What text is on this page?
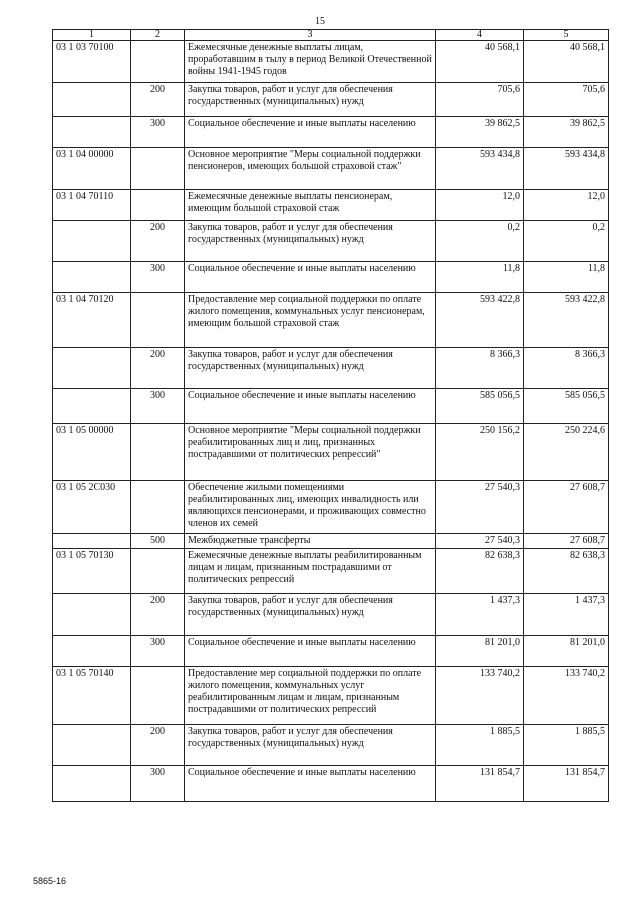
15
1	2	3	4	5
03 1 03 70100		Ежемесячные денежные выплаты лицам, проработавшим в тылу в период Великой Отечественной войны 1941-1945 годов	40 568,1	40 568,1
	200	Закупка товаров, работ и услуг для обеспечения государственных (муниципальных) нужд	705,6	705,6
	300	Социальное обеспечение и иные выплаты населению	39 862,5	39 862,5
03 1 04 00000		Основное мероприятие "Меры социальной поддержки пенсионеров, имеющих большой страховой стаж"	593 434,8	593 434,8
03 1 04 70110		Ежемесячные денежные выплаты пенсионерам, имеющим большой страховой стаж	12,0	12,0
	200	Закупка товаров, работ и услуг для обеспечения государственных (муниципальных) нужд	0,2	0,2
	300	Социальное обеспечение и иные выплаты населению	11,8	11,8
03 1 04 70120		Предоставление мер социальной поддержки по оплате жилого помещения, коммунальных услуг пенсионерам, имеющим большой страховой стаж	593 422,8	593 422,8
	200	Закупка товаров, работ и услуг для обеспечения государственных (муниципальных) нужд	8 366,3	8 366,3
	300	Социальное обеспечение и иные выплаты населению	585 056,5	585 056,5
03 1 05 00000		Основное мероприятие "Меры социальной поддержки реабилитированных лиц и лиц, признанных пострадавшими от политических репрессий"	250 156,2	250 224,6
03 1 05 2C030		Обеспечение жилыми помещениями реабилитированных лиц, имеющих инвалидность или являющихся пенсионерами, и проживающих совместно членов их семей	27 540,3	27 608,7
	500	Межбюджетные трансферты	27 540,3	27 608,7
03 1 05 70130		Ежемесячные денежные выплаты реабилитированным лицам и лицам, признанным пострадавшими от политических репрессий	82 638,3	82 638,3
	200	Закупка товаров, работ и услуг для обеспечения государственных (муниципальных) нужд	1 437,3	1 437,3
	300	Социальное обеспечение и иные выплаты населению	81 201,0	81 201,0
03 1 05 70140		Предоставление мер социальной поддержки по оплате жилого помещения, коммунальных услуг реабилитированным лицам и лицам, признанным пострадавшими от политических репрессий	133 740,2	133 740,2
	200	Закупка товаров, работ и услуг для обеспечения государственных (муниципальных) нужд	1 885,5	1 885,5
	300	Социальное обеспечение и иные выплаты населению	131 854,7	131 854,7
5865-16
